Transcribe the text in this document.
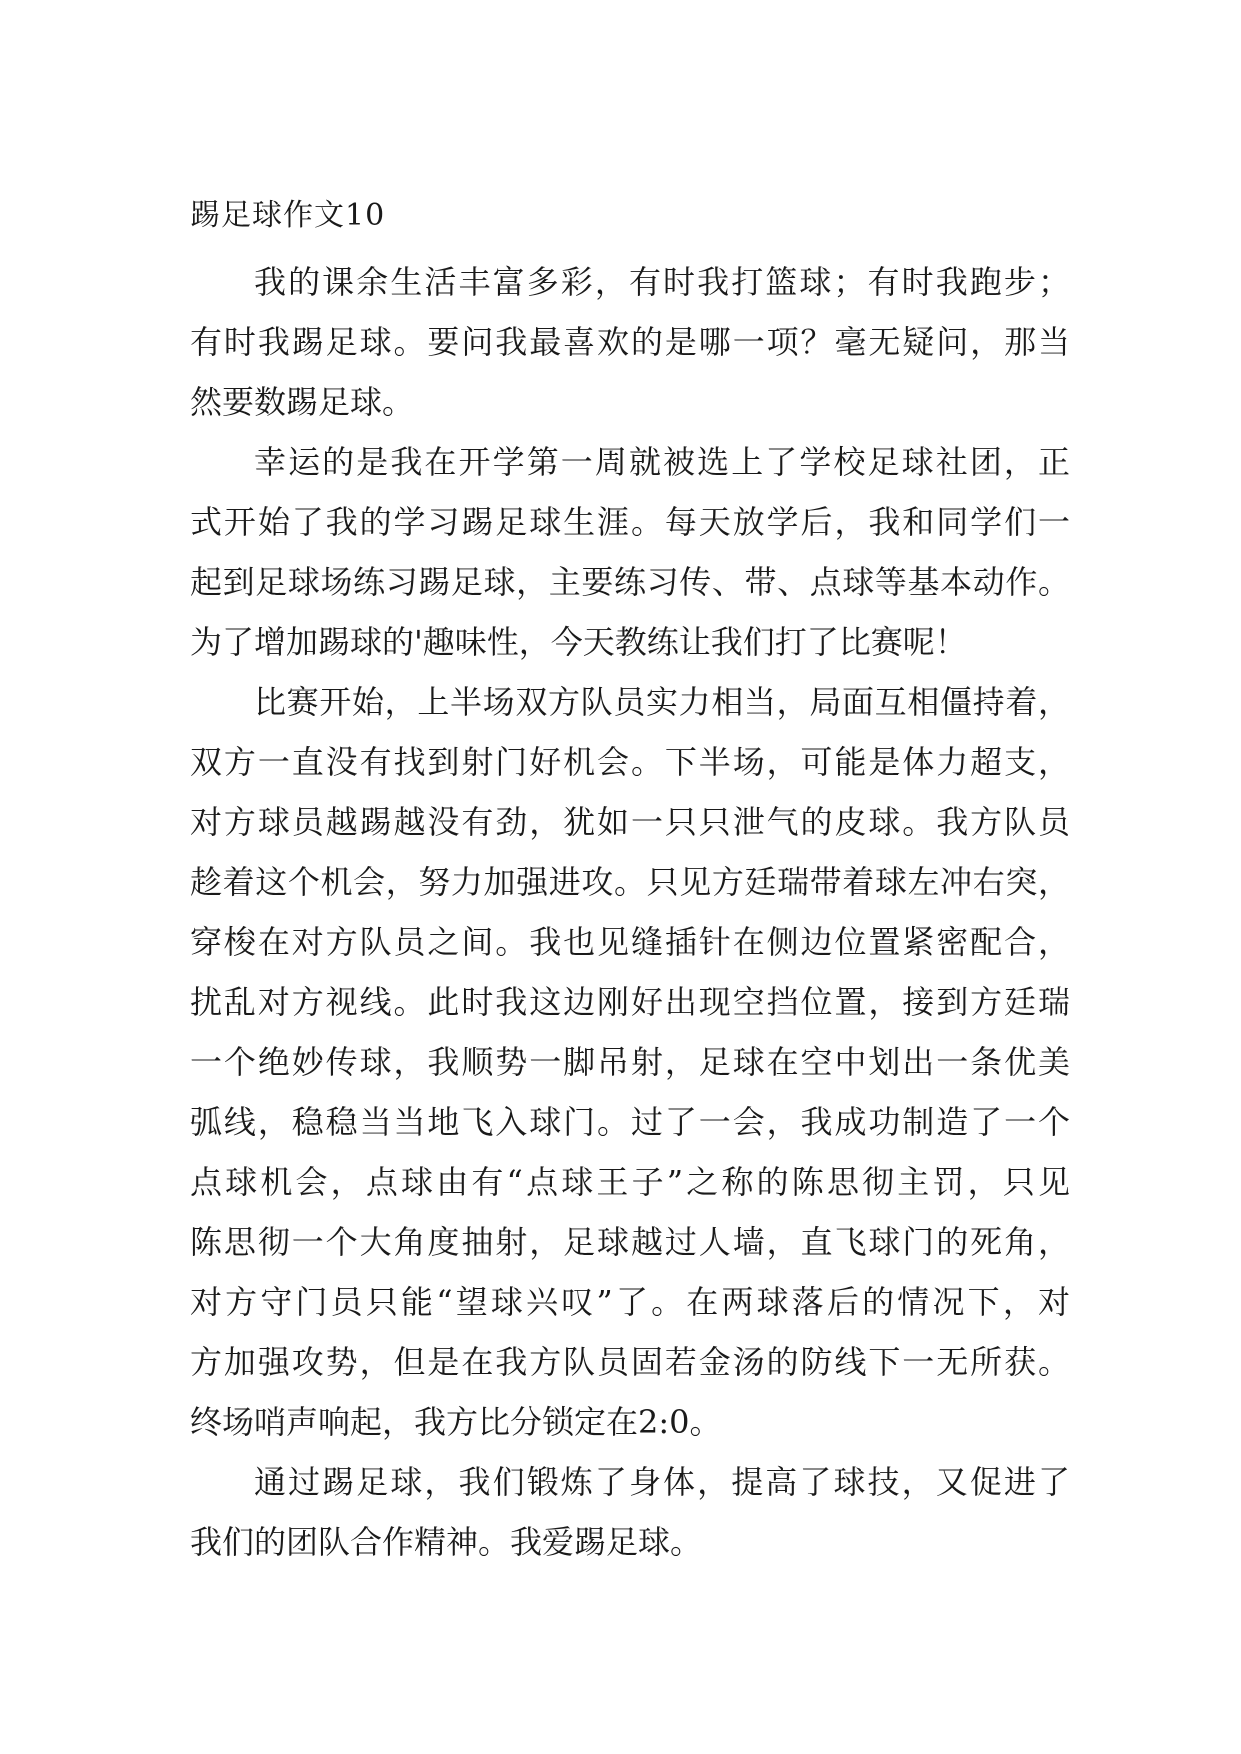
踢足球作文10
我的课余生活丰富多彩，有时我打篮球；有时我跑步；
有时我踢足球。要问我最喜欢的是哪一项？毫无疑问，那当
然要数踢足球。
幸运的是我在开学第一周就被选上了学校足球社团，正
式开始了我的学习踢足球生涯。每天放学后，我和同学们一
起到足球场练习踢足球，主要练习传、带、点球等基本动作。
为了增加踢球的'趣味性，今天教练让我们打了比赛呢！
比赛开始，上半场双方队员实力相当，局面互相僵持着，
双方一直没有找到射门好机会。下半场，可能是体力超支，
对方球员越踢越没有劲，犹如一只只泄气的皮球。我方队员
趁着这个机会，努力加强进攻。只见方廷瑞带着球左冲右突，
穿梭在对方队员之间。我也见缝插针在侧边位置紧密配合，
扰乱对方视线。此时我这边刚好出现空挡位置，接到方廷瑞
一个绝妙传球，我顺势一脚吊射，足球在空中划出一条优美
弧线，稳稳当当地飞入球门。过了一会，我成功制造了一个
点球机会，点球由有“点球王子”之称的陈思彻主罚，只见
陈思彻一个大角度抽射，足球越过人墙，直飞球门的死角，
对方守门员只能“望球兴叹”了。在两球落后的情况下，对
方加强攻势，但是在我方队员固若金汤的防线下一无所获。
终场哨声响起，我方比分锁定在2:0。
通过踢足球，我们锻炼了身体，提高了球技，又促进了
我们的团队合作精神。我爱踢足球。
